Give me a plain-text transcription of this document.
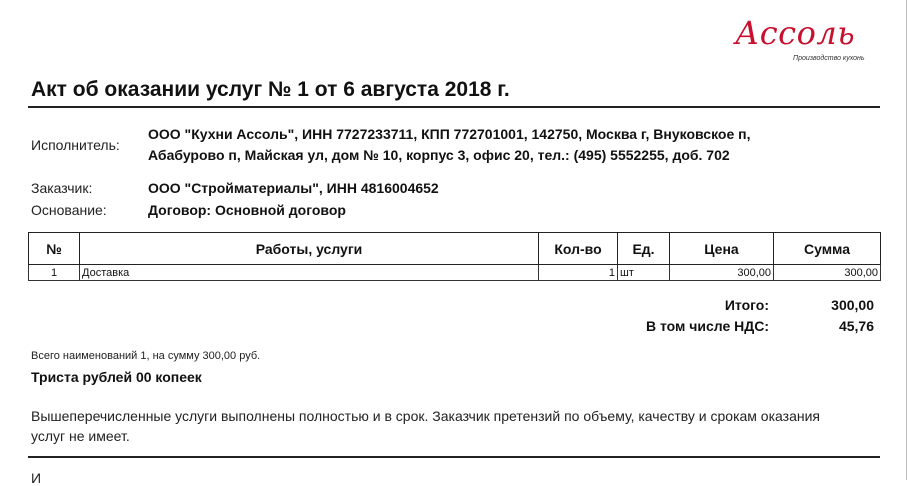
Ассоль
Производство кухонь
Акт об оказании услуг № 1 от 6 августа 2018 г.
Исполнитель:
ООО "Кухни Ассоль", ИНН 7727233711, КПП 772701001, 142750, Москва г, Внуковское п,
Абабурово п, Майская ул, дом № 10, корпус 3, офис 20, тел.: (495) 5552255, доб. 702
Заказчик:	ООО "Стройматериалы", ИНН 4816004652
Основание:	Договор: Основной договор
№	Работы, услуги	Кол-во	Ед.	Цена	Сумма
1	Доставка	1	шт	300,00	300,00
Итого:	300,00
В том числе НДС:	45,76
Всего наименований 1, на сумму 300,00 руб.
Триста рублей 00 копеек
Вышеперечисленные услуги выполнены полностью и в срок. Заказчик претензий по объему, качеству и срокам оказания услуг не имеет.
И
